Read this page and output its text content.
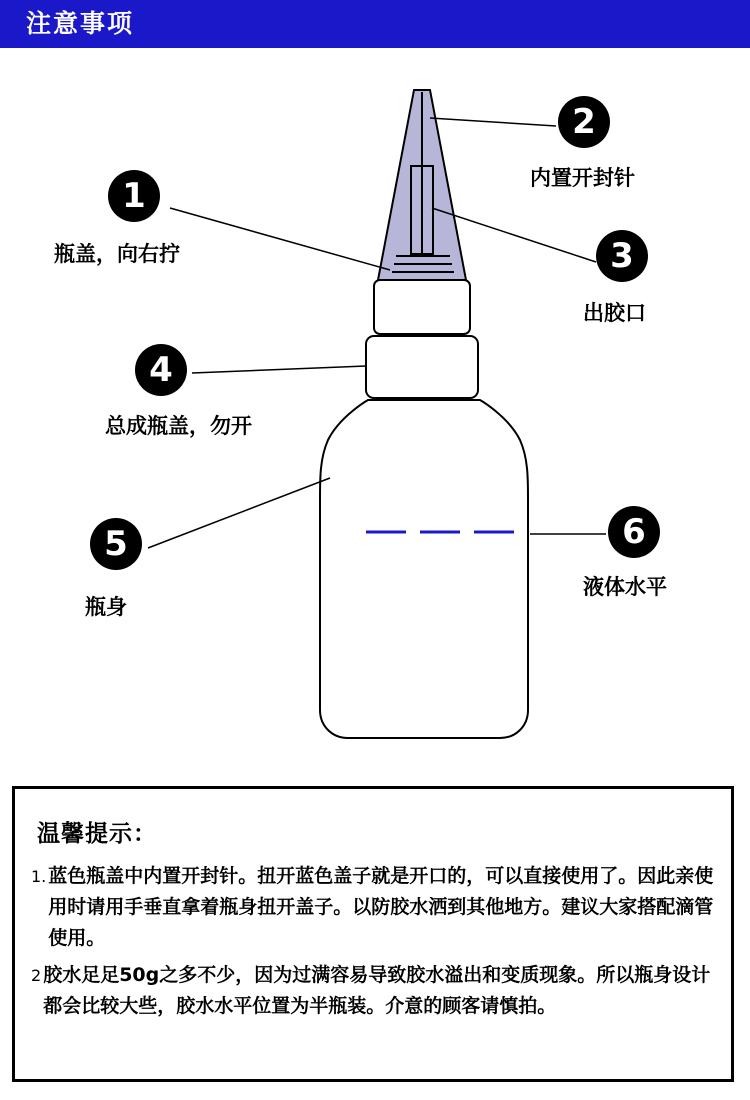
注意事项
1
瓶盖，向右拧
2
内置开封针
3
出胶口
4
总成瓶盖，勿开
5
瓶身
6
液体水平
温馨提示：
1. 蓝色瓶盖中内置开封针。扭开蓝色盖子就是开口的，可以直接使用了。因此亲使用时请用手垂直拿着瓶身扭开盖子。以防胶水洒到其他地方。建议大家搭配滴管使用。
2 胶水足足50g之多不少，因为过满容易导致胶水溢出和变质现象。所以瓶身设计都会比较大些，胶水水平位置为半瓶装。介意的顾客请慎拍。
